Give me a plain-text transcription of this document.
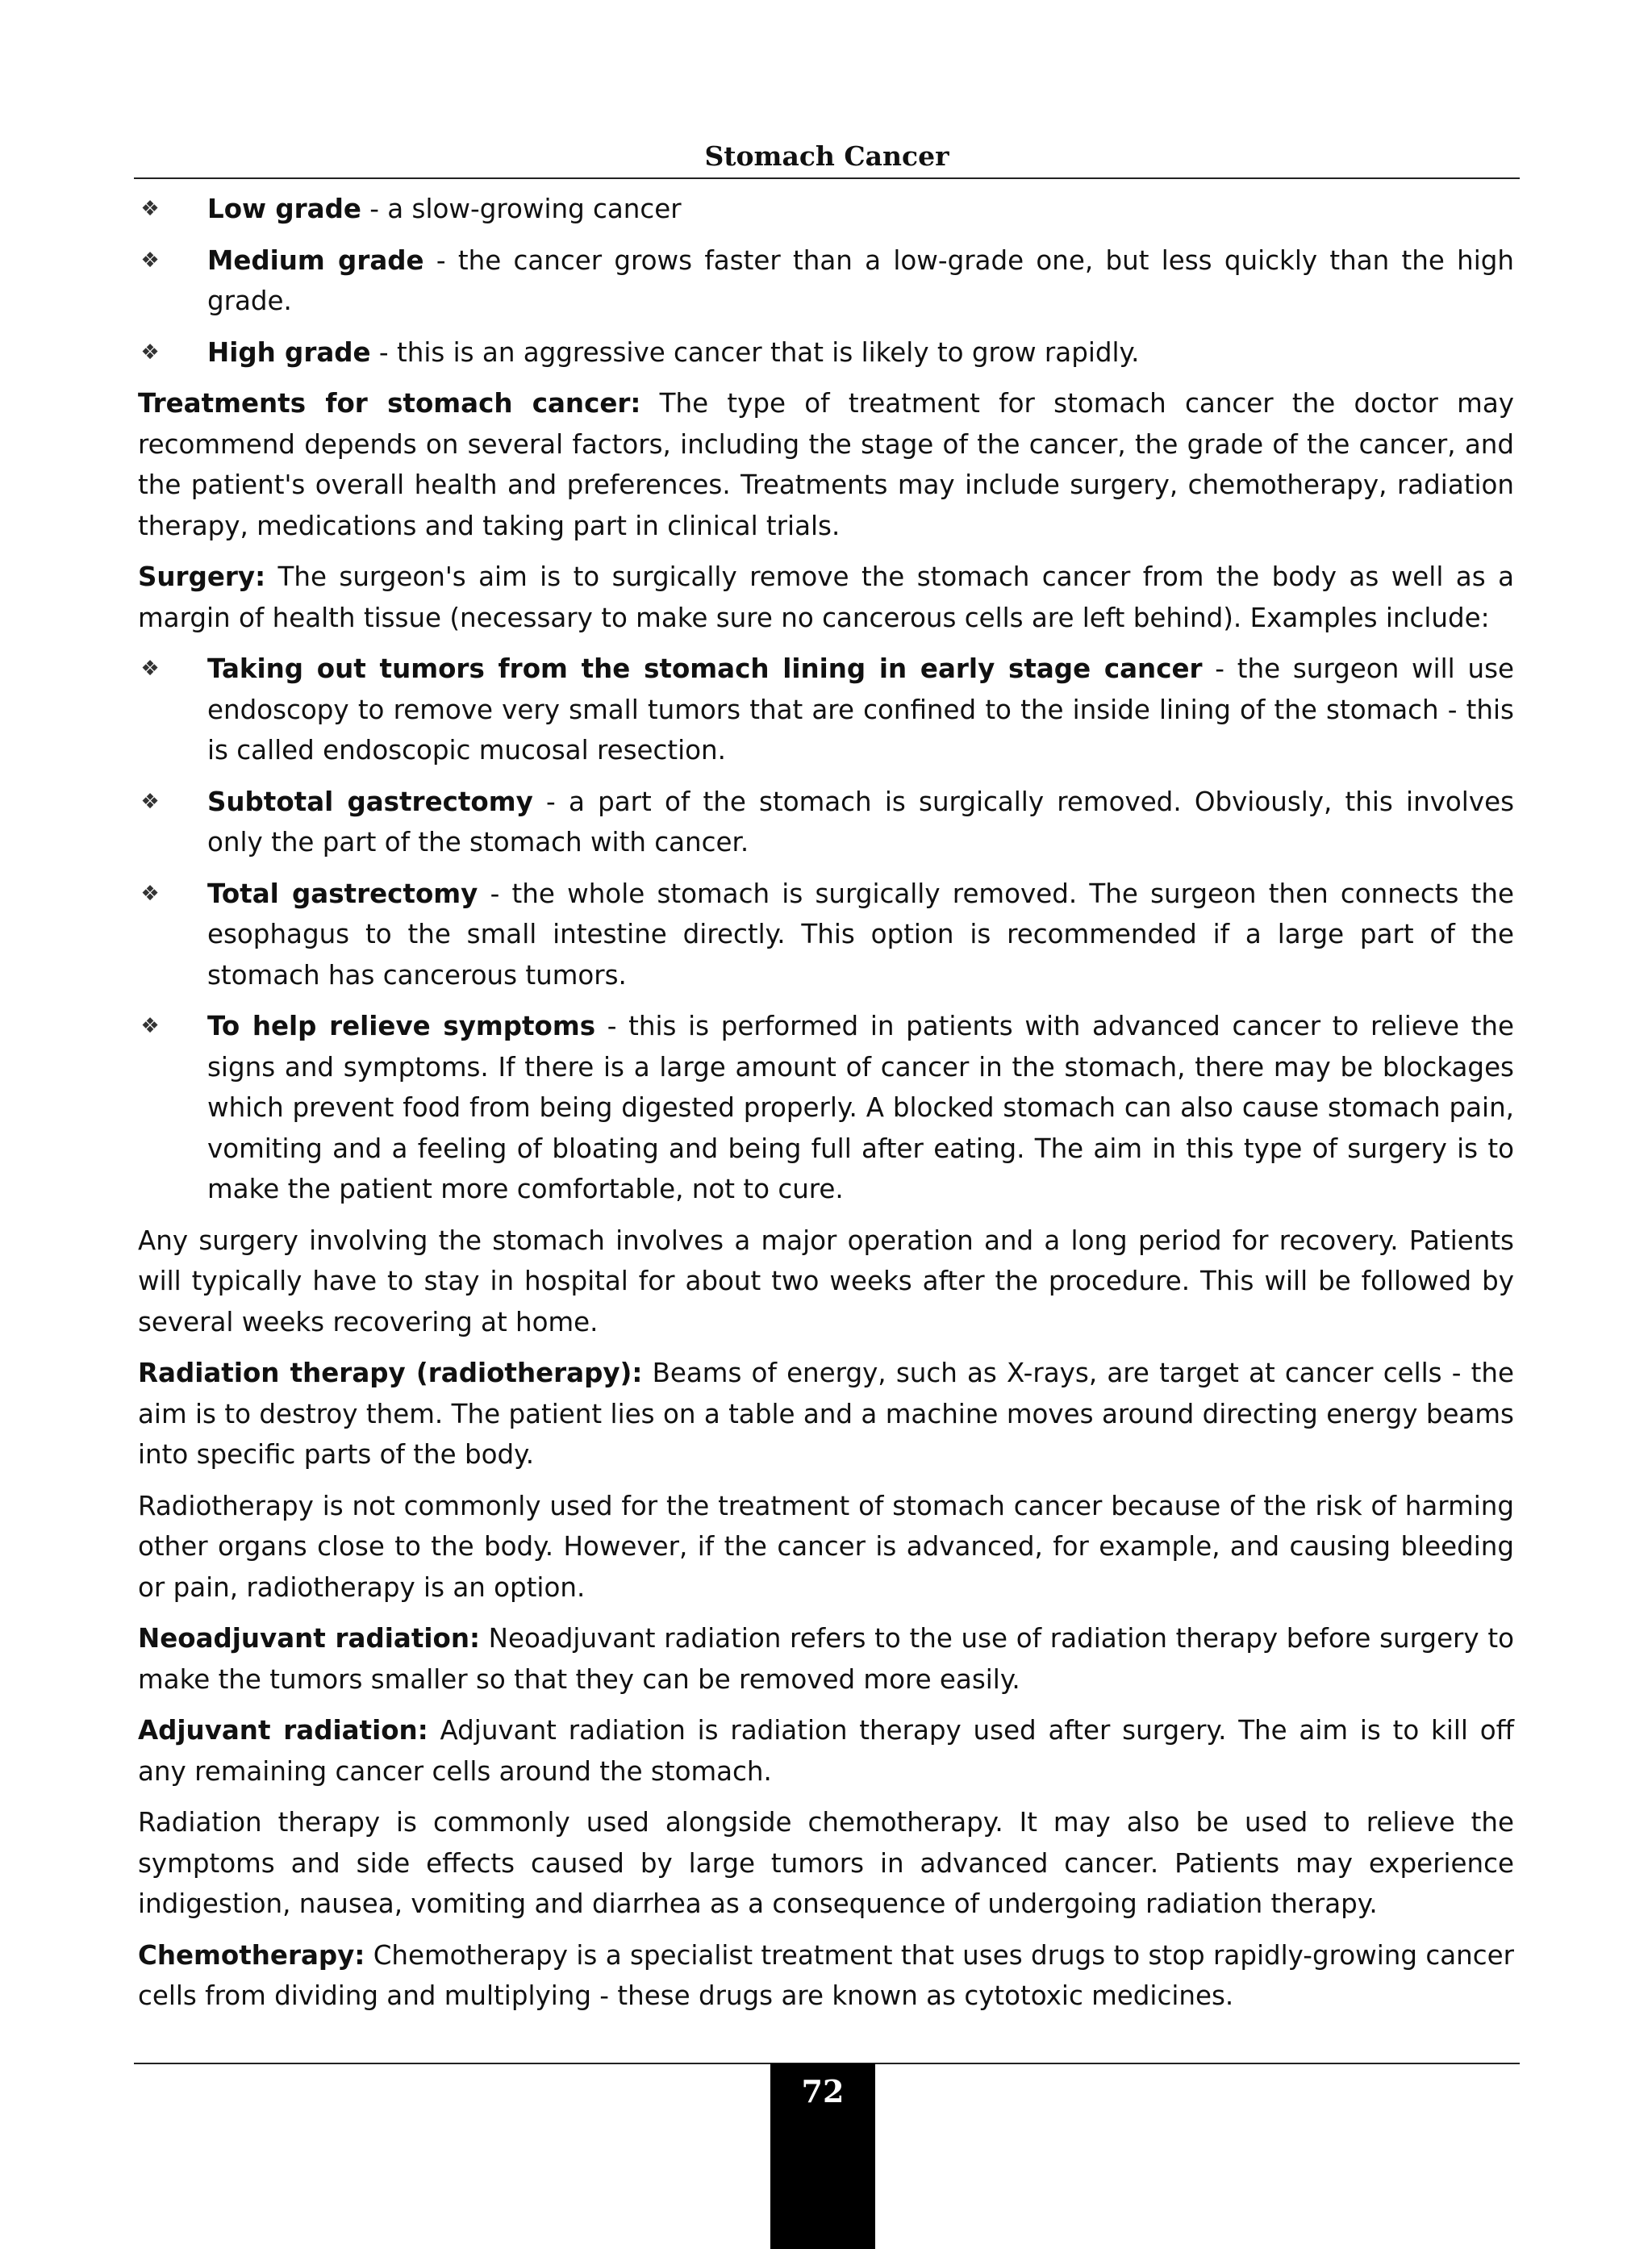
Stomach Cancer
❖ Low grade - a slow-growing cancer
❖ Medium grade - the cancer grows faster than a low-grade one, but less quickly than the high grade.
❖ High grade - this is an aggressive cancer that is likely to grow rapidly.

Treatments for stomach cancer: The type of treatment for stomach cancer the doctor may recommend depends on several factors, including the stage of the cancer, the grade of the cancer, and the patient's overall health and preferences. Treatments may include surgery, chemotherapy, radiation therapy, medications and taking part in clinical trials.

Surgery: The surgeon's aim is to surgically remove the stomach cancer from the body as well as a margin of health tissue (necessary to make sure no cancerous cells are left behind). Examples include:

❖ Taking out tumors from the stomach lining in early stage cancer - the surgeon will use endoscopy to remove very small tumors that are confined to the inside lining of the stomach - this is called endoscopic mucosal resection.
❖ Subtotal gastrectomy - a part of the stomach is surgically removed. Obviously, this involves only the part of the stomach with cancer.
❖ Total gastrectomy - the whole stomach is surgically removed. The surgeon then connects the esophagus to the small intestine directly. This option is recommended if a large part of the stomach has cancerous tumors.
❖ To help relieve symptoms - this is performed in patients with advanced cancer to relieve the signs and symptoms. If there is a large amount of cancer in the stomach, there may be blockages which prevent food from being digested properly. A blocked stomach can also cause stomach pain, vomiting and a feeling of bloating and being full after eating. The aim in this type of surgery is to make the patient more comfortable, not to cure.

Any surgery involving the stomach involves a major operation and a long period for recovery. Patients will typically have to stay in hospital for about two weeks after the procedure. This will be followed by several weeks recovering at home.

Radiation therapy (radiotherapy): Beams of energy, such as X-rays, are target at cancer cells - the aim is to destroy them. The patient lies on a table and a machine moves around directing energy beams into specific parts of the body.

Radiotherapy is not commonly used for the treatment of stomach cancer because of the risk of harming other organs close to the body. However, if the cancer is advanced, for example, and causing bleeding or pain, radiotherapy is an option.

Neoadjuvant radiation: Neoadjuvant radiation refers to the use of radiation therapy before surgery to make the tumors smaller so that they can be removed more easily.

Adjuvant radiation: Adjuvant radiation is radiation therapy used after surgery. The aim is to kill off any remaining cancer cells around the stomach.

Radiation therapy is commonly used alongside chemotherapy. It may also be used to relieve the symptoms and side effects caused by large tumors in advanced cancer. Patients may experience indigestion, nausea, vomiting and diarrhea as a consequence of undergoing radiation therapy.

Chemotherapy: Chemotherapy is a specialist treatment that uses drugs to stop rapidly-growing cancer cells from dividing and multiplying - these drugs are known as cytotoxic medicines.

72
